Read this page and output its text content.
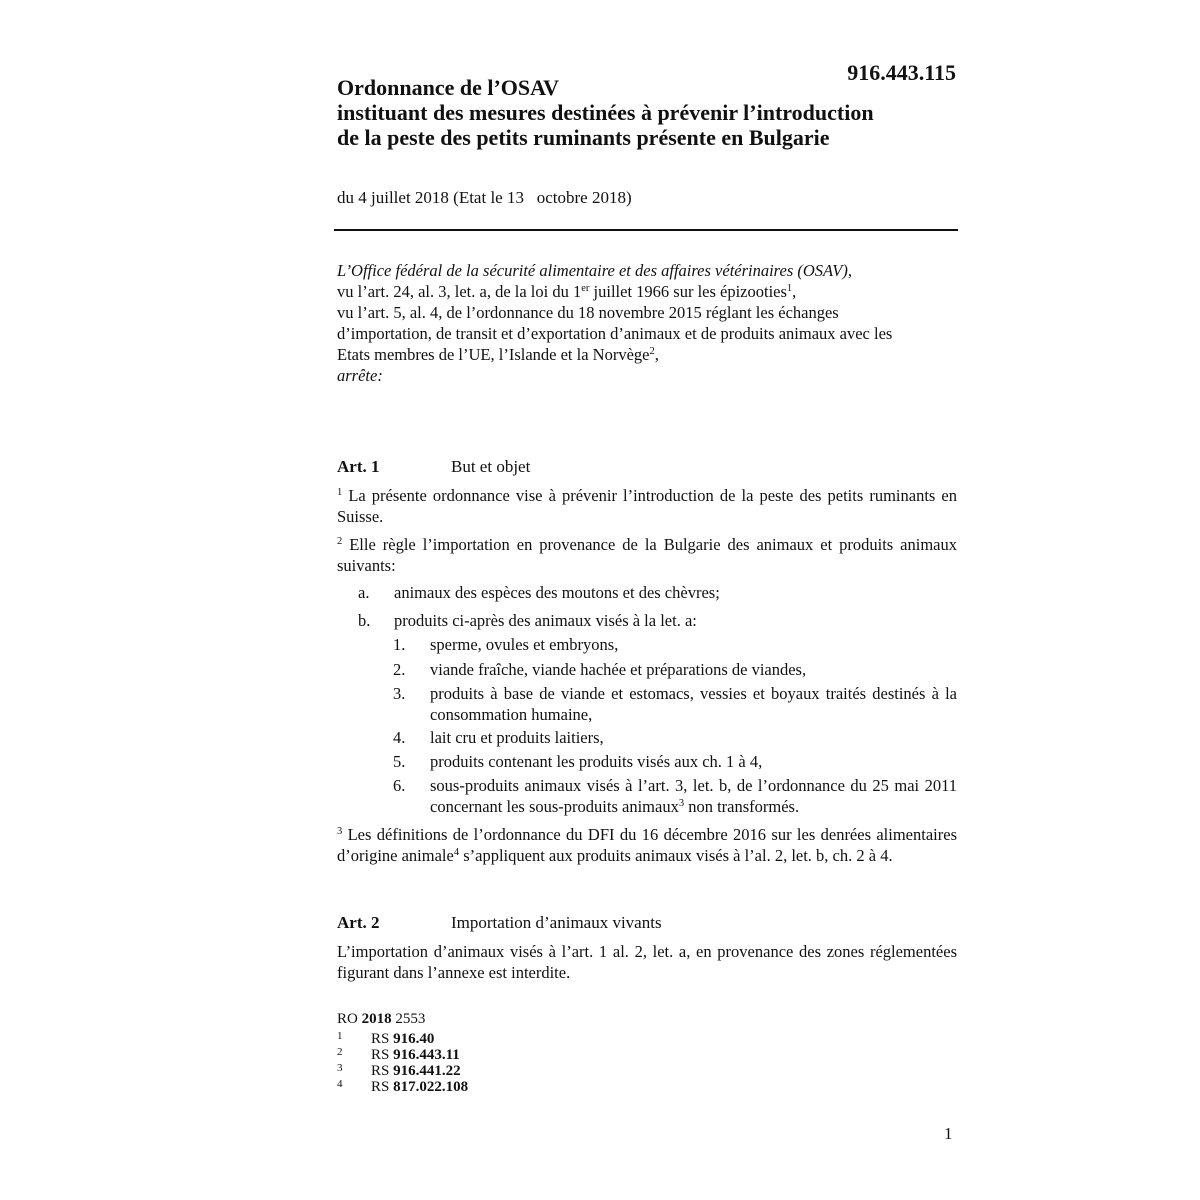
916.443.115
Ordonnance de l’OSAV
instituant des mesures destinées à prévenir l’introduction
de la peste des petits ruminants présente en Bulgarie
du 4 juillet 2018 (Etat le 13   octobre 2018)
L’Office fédéral de la sécurité alimentaire et des affaires vétérinaires (OSAV),
vu l’art. 24, al. 3, let. a, de la loi du 1er juillet 1966 sur les épizooties$^1$,
vu l’art. 5, al. 4, de l’ordonnance du 18 novembre 2015 réglant les échanges
d’importation, de transit et d’exportation d’animaux et de produits animaux avec les
Etats membres de l’UE, l’Islande et la Norvège$^2$,
arrête:
Art. 1	But et objet
$^1$ La présente ordonnance vise à prévenir l’introduction de la peste des petits ruminants en Suisse.
$^2$ Elle règle l’importation en provenance de la Bulgarie des animaux et produits animaux suivants:
a. animaux des espèces des moutons et des chèvres;
b. produits ci-après des animaux visés à la let. a:
1. sperme, ovules et embryons,
2. viande fraîche, viande hachée et préparations de viandes,
3. produits à base de viande et estomacs, vessies et boyaux traités destinés à la consommation humaine,
4. lait cru et produits laitiers,
5. produits contenant les produits visés aux ch. 1 à 4,
6. sous-produits animaux visés à l’art. 3, let. b, de l’ordonnance du 25 mai 2011 concernant les sous-produits animaux$^3$ non transformés.
$^3$ Les définitions de l’ordonnance du DFI du 16 décembre 2016 sur les denrées alimentaires d’origine animale$^4$ s’appliquent aux produits animaux visés à l’al. 2, let. b, ch. 2 à 4.
Art. 2	Importation d’animaux vivants
L’importation d’animaux visés à l’art. 1 al. 2, let. a, en provenance des zones réglementées figurant dans l’annexe est interdite.
RO 2018 2553
1 RS 916.40
2 RS 916.443.11
3 RS 916.441.22
4 RS 817.022.108
1
